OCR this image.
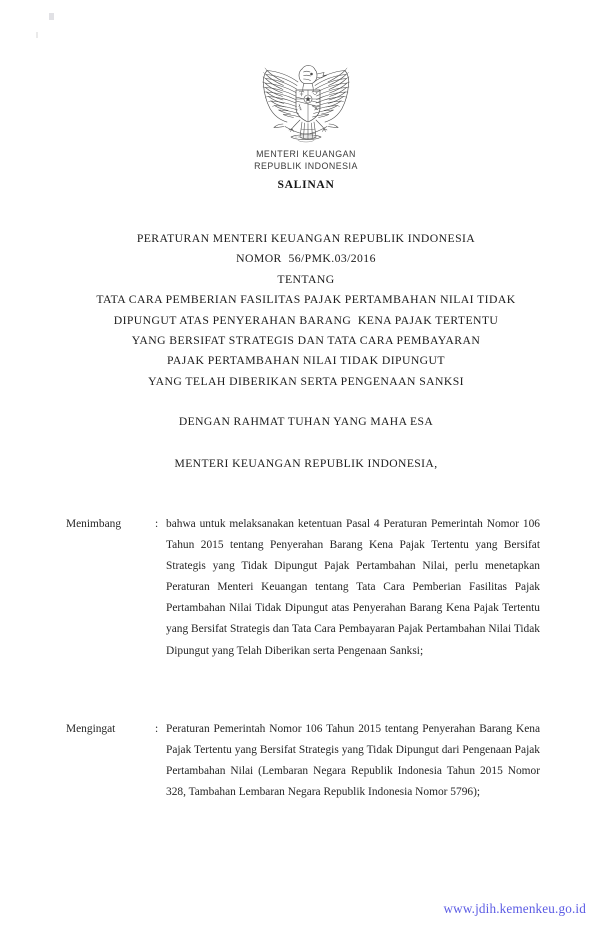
MENTERI KEUANGAN
REPUBLIK INDONESIA
SALINAN
PERATURAN MENTERI KEUANGAN REPUBLIK INDONESIA
NOMOR  56/PMK.03/2016
TENTANG
TATA CARA PEMBERIAN FASILITAS PAJAK PERTAMBAHAN NILAI TIDAK
DIPUNGUT ATAS PENYERAHAN BARANG  KENA PAJAK TERTENTU
YANG BERSIFAT STRATEGIS DAN TATA CARA PEMBAYARAN
PAJAK PERTAMBAHAN NILAI TIDAK DIPUNGUT
YANG TELAH DIBERIKAN SERTA PENGENAAN SANKSI
DENGAN RAHMAT TUHAN YANG MAHA ESA
MENTERI KEUANGAN REPUBLIK INDONESIA,
Menimbang	: bahwa untuk melaksanakan ketentuan Pasal 4 Peraturan Pemerintah Nomor 106 Tahun 2015 tentang Penyerahan Barang Kena Pajak Tertentu yang Bersifat Strategis yang Tidak Dipungut Pajak Pertambahan Nilai, perlu menetapkan Peraturan Menteri Keuangan tentang Tata Cara Pemberian Fasilitas Pajak Pertambahan Nilai Tidak Dipungut atas Penyerahan Barang Kena Pajak Tertentu yang Bersifat Strategis dan Tata Cara Pembayaran Pajak Pertambahan Nilai Tidak Dipungut yang Telah Diberikan serta Pengenaan Sanksi;
Mengingat	: Peraturan Pemerintah Nomor 106 Tahun 2015 tentang Penyerahan Barang Kena Pajak Tertentu yang Bersifat Strategis yang Tidak Dipungut dari Pengenaan Pajak Pertambahan Nilai (Lembaran Negara Republik Indonesia Tahun 2015 Nomor 328, Tambahan Lembaran Negara Republik Indonesia Nomor 5796);
www.jdih.kemenkeu.go.id
